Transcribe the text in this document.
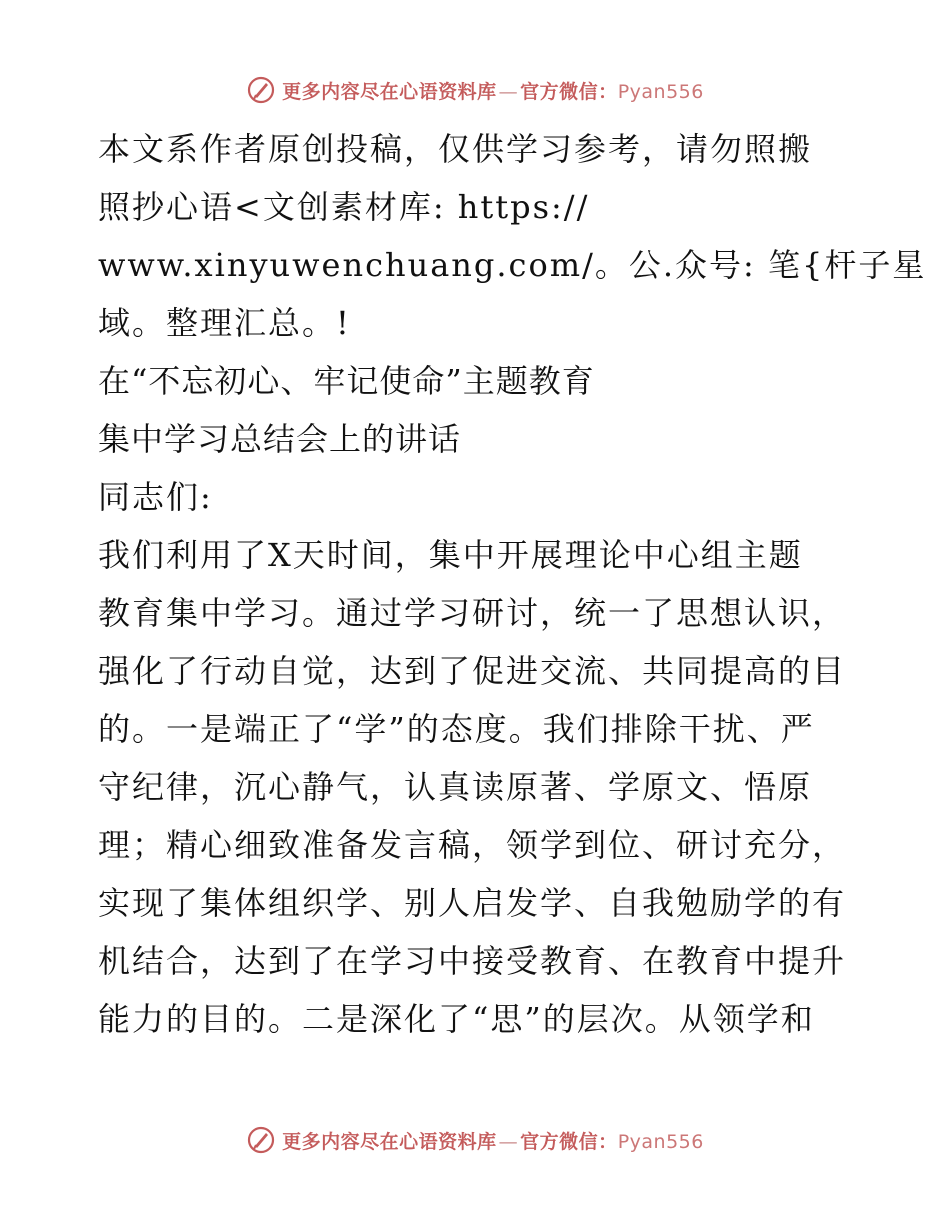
更多内容尽在心语资料库 — 官方微信：Pyan556
本文系作者原创投稿，仅供学习参考，请勿照搬
照抄心语<文创素材库: https://
www.xinyuwenchuang.com/。公.众号: 笔{杆子星
域。整理汇总。!
在“不忘初心、牢记使命”主题教育
集中学习总结会上的讲话
同志们:
我们利用了X天时间，集中开展理论中心组主题
教育集中学习。通过学习研讨，统一了思想认识，
强化了行动自觉，达到了促进交流、共同提高的目
的。一是端正了“学”的态度。我们排除干扰、严
守纪律，沉心静气，认真读原著、学原文、悟原
理；精心细致准备发言稿，领学到位、研讨充分，
实现了集体组织学、别人启发学、自我勉励学的有
机结合，达到了在学习中接受教育、在教育中提升
能力的目的。二是深化了“思”的层次。从领学和
更多内容尽在心语资料库 — 官方微信：Pyan556
